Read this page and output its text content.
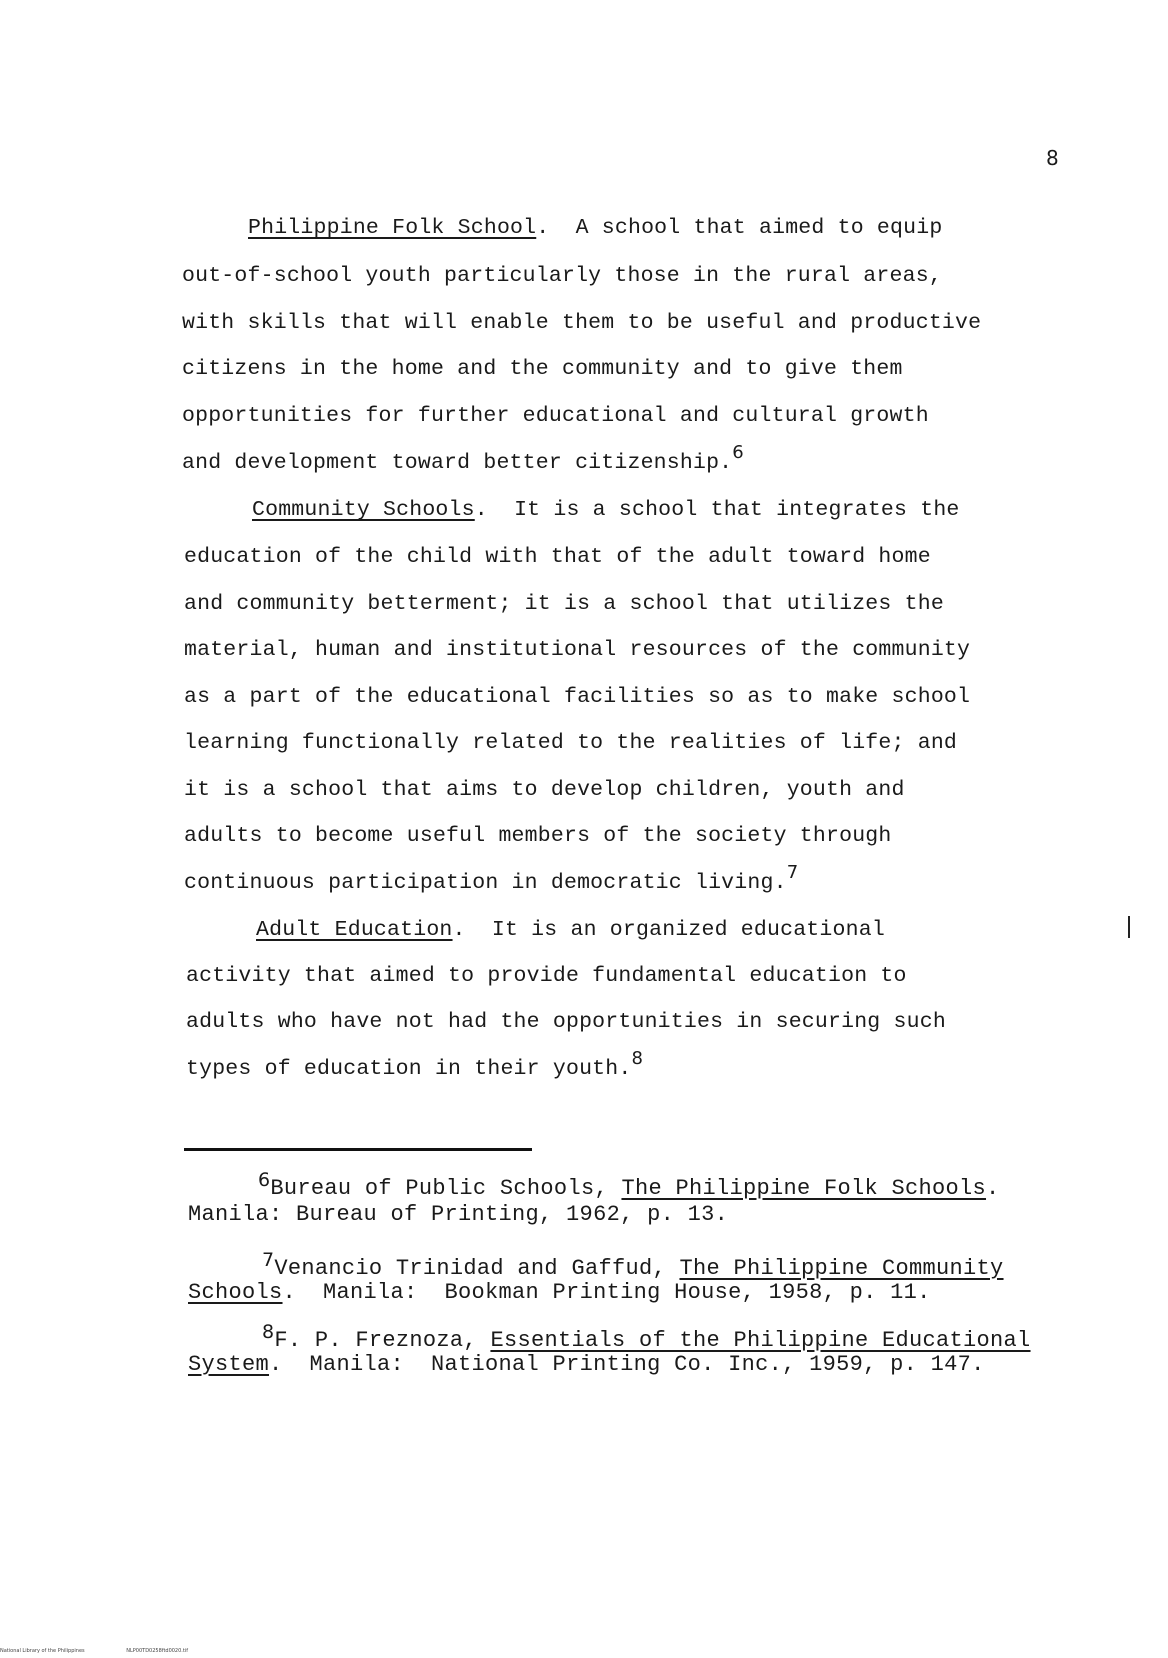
8
Philippine Folk School.  A school that aimed to equip
out-of-school youth particularly those in the rural areas,
with skills that will enable them to be useful and productive
citizens in the home and the community and to give them
opportunities for further educational and cultural growth
and development toward better citizenship.$^6$
Community Schools.  It is a school that integrates the
education of the child with that of the adult toward home
and community betterment; it is a school that utilizes the
material, human and institutional resources of the community
as a part of the educational facilities so as to make school
learning functionally related to the realities of life; and
it is a school that aims to develop children, youth and
adults to become useful members of the society through
continuous participation in democratic living.$^7$
Adult Education.  It is an organized educational
activity that aimed to provide fundamental education to
adults who have not had the opportunities in securing such
types of education in their youth.$^8$
6Bureau of Public Schools, The Philippine Folk Schools.
Manila: Bureau of Printing, 1962, p. 13.
7Venancio Trinidad and Gaffud, The Philippine Community
Schools.  Manila:  Bookman Printing House, 1958, p. 11.
8F. P. Freznoza, Essentials of the Philippine Educational
System.  Manila:  National Printing Co. Inc., 1959, p. 147.
National Library of the Philippines	NLP00TD0258ftd0020.tif
